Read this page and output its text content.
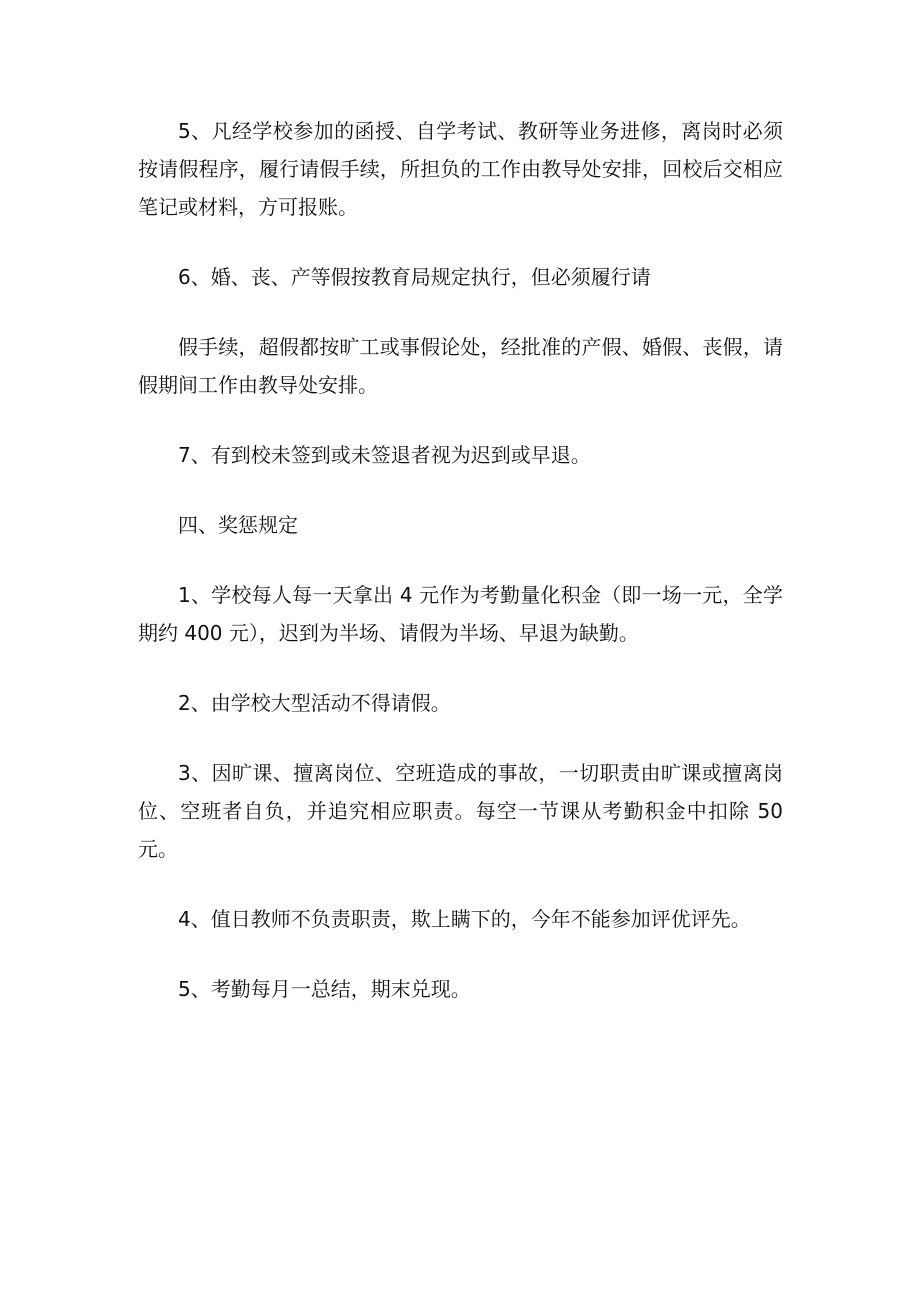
5、凡经学校参加的函授、自学考试、教研等业务进修，离岗时必须按请假程序，履行请假手续，所担负的工作由教导处安排，回校后交相应笔记或材料，方可报账。

6、婚、丧、产等假按教育局规定执行，但必须履行请

假手续，超假都按旷工或事假论处，经批准的产假、婚假、丧假，请假期间工作由教导处安排。

7、有到校未签到或未签退者视为迟到或早退。

四、奖惩规定

1、学校每人每一天拿出 4 元作为考勤量化积金（即一场一元，全学期约 400 元），迟到为半场、请假为半场、早退为缺勤。

2、由学校大型活动不得请假。

3、因旷课、擅离岗位、空班造成的事故，一切职责由旷课或擅离岗位、空班者自负，并追究相应职责。每空一节课从考勤积金中扣除 50 元。

4、值日教师不负责职责，欺上瞒下的，今年不能参加评优评先。

5、考勤每月一总结，期末兑现。
